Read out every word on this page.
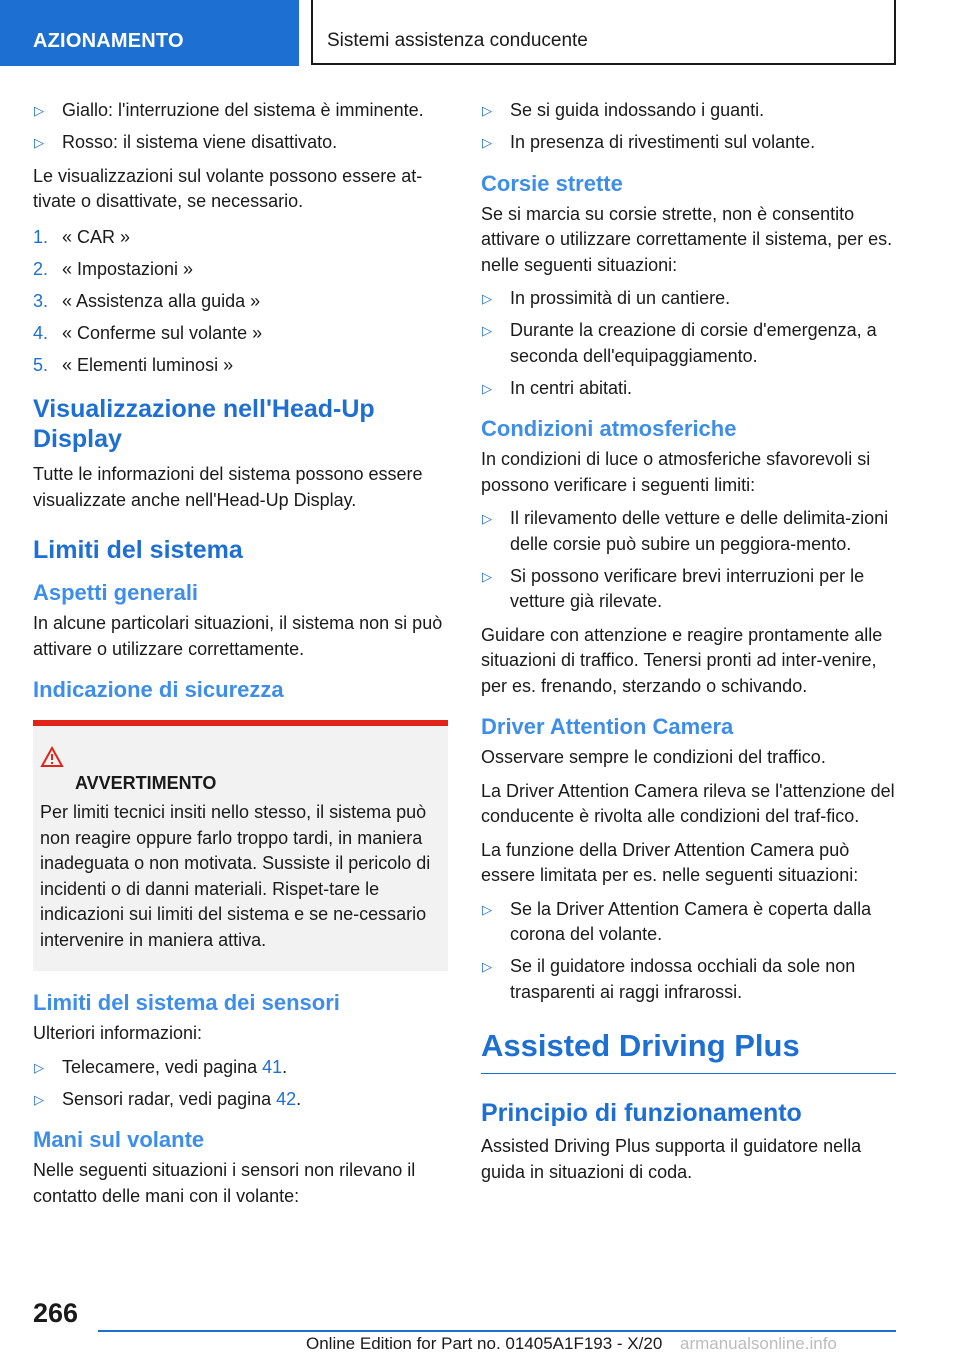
AZIONAMENTO	Sistemi assistenza conducente
▷ Giallo: l'interruzione del sistema è imminente.
▷ Rosso: il sistema viene disattivato.

Le visualizzazioni sul volante possono essere at-tivate o disattivate, se necessario.

1. « CAR »
2. « Impostazioni »
3. « Assistenza alla guida »
4. « Conferme sul volante »
5. « Elementi luminosi »
Visualizzazione nell'Head-Up Display

Tutte le informazioni del sistema possono essere visualizzate anche nell'Head-Up Display.

Limiti del sistema
Aspetti generali

In alcune particolari situazioni, il sistema non si può attivare o utilizzare correttamente.

Indicazione di sicurezza
AVVERTIMENTO

Per limiti tecnici insiti nello stesso, il sistema può non reagire oppure farlo troppo tardi, in maniera inadeguata o non motivata. Sussiste il pericolo di incidenti o di danni materiali. Rispet-tare le indicazioni sui limiti del sistema e se ne-cessario intervenire in maniera attiva.

Limiti del sistema dei sensori

Ulteriori informazioni:

▷ Telecamere, vedi pagina 41.
▷ Sensori radar, vedi pagina 42.
Mani sul volante

Nelle seguenti situazioni i sensori non rilevano il contatto delle mani con il volante:

▷ Se si guida indossando i guanti.
▷ In presenza di rivestimenti sul volante.
Corsie strette

Se si marcia su corsie strette, non è consentito attivare o utilizzare correttamente il sistema, per es. nelle seguenti situazioni:

▷ In prossimità di un cantiere.
▷ Durante la creazione di corsie d'emergenza, a seconda dell'equipaggiamento.
▷ In centri abitati.
Condizioni atmosferiche

In condizioni di luce o atmosferiche sfavorevoli si possono verificare i seguenti limiti:

▷ Il rilevamento delle vetture e delle delimita-zioni delle corsie può subire un peggiora-mento.
▷ Si possono verificare brevi interruzioni per le vetture già rilevate.

Guidare con attenzione e reagire prontamente alle situazioni di traffico. Tenersi pronti ad inter-venire, per es. frenando, sterzando o schivando.

Driver Attention Camera

Osservare sempre le condizioni del traffico.

La Driver Attention Camera rileva se l'attenzione del conducente è rivolta alle condizioni del traf-fico.

La funzione della Driver Attention Camera può essere limitata per es. nelle seguenti situazioni:

▷ Se la Driver Attention Camera è coperta dalla corona del volante.
▷ Se il guidatore indossa occhiali da sole non trasparenti ai raggi infrarossi.
Assisted Driving Plus
Principio di funzionamento

Assisted Driving Plus supporta il guidatore nella guida in situazioni di coda.

266
Online Edition for Part no. 01405A1F193 - X/20 armanualsonline.info
